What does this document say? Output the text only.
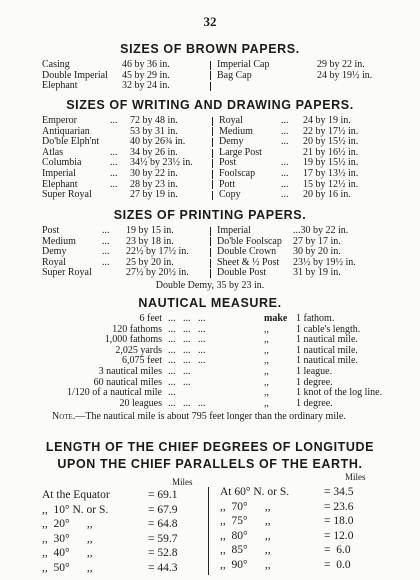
32
SIZES OF BROWN PAPERS.
Casing	46 by 36 in.	Imperial Cap	29 by 22 in.
Double Imperial	45 by 29 in.	Bag Cap	24 by 19½ in.
Elephant	32 by 24 in.
SIZES OF WRITING AND DRAWING PAPERS.
Emperor	...	72 by 48 in.	Royal	...	24 by 19 in.
Antiquarian	53 by 31 in.	Medium	...	22 by 17½ in.
Do'ble Elph'nt	40 by 26¾ in.	Demy	...	20 by 15½ in.
Atlas	...	34 by 26 in.	Large Post	21 by 16½ in.
Columbia	...	34½ by 23½ in.	Post	...	19 by 15½ in.
Imperial	...	30 by 22 in.	Foolscap	...	17 by 13½ in.
Elephant	...	28 by 23 in.	Pott	...	15 by 12½ in.
Super Royal	27 by 19 in.	Copy	...	20 by 16 in.
SIZES OF PRINTING PAPERS.
Post	...	19 by 15 in.	Imperial	... 30 by 22 in.
Medium	...	23 by 18 in.	Do'ble Foolscap	27 by 17 in.
Demy	...	22½ by 17½ in.	Double Crown	30 by 20 in.
Royal	...	25 by 20 in.	Sheet & ½ Post	23½ by 19½ in.
Super Royal	27½ by 20½ in.	Double Post	31 by 19 in.
Double Demy, 35 by 23 in.
NAUTICAL MEASURE.
6 feet ...   ...   ...	make 1 fathom.
120 fathoms ...   ...   ...	,,	1 cable's length.
1,000 fathoms ...   ...   ...	,,	1 nautical mile.
2,025 yards ...   ...   ...	,,	1 nautical mile.
6,075 feet ...   ...   ...	,,	1 nautical mile.
3 nautical miles ...   ...	,,	1 league.
60 nautical miles ...   ...	,,	1 degree.
1/120 of a nautical mile ...	,,	1 knot of the log line.
20 leagues ...   ...   ...	,,	1 degree.
Note.—The nautical mile is about 795 feet longer than the ordinary mile.
LENGTH OF THE CHIEF DEGREES OF LONGITUDE
UPON THE CHIEF PARALLELS OF THE EARTH.
Miles	Miles
At the Equator	= 69.1
,,  10° N. or S.	= 67.9
,,  20°      ,,	= 64.8
,,  30°      ,,	= 59.7
,,  40°      ,,	= 52.8
,,  50°      ,,	= 44.3
At 60° N. or S.	= 34.5
,,  70°      ,,	= 23.6
,,  75°      ,,	= 18.0
,,  80°      ,,	= 12.0
,,  85°      ,,	=  6.0
,,  90°      ,,	=  0.0
